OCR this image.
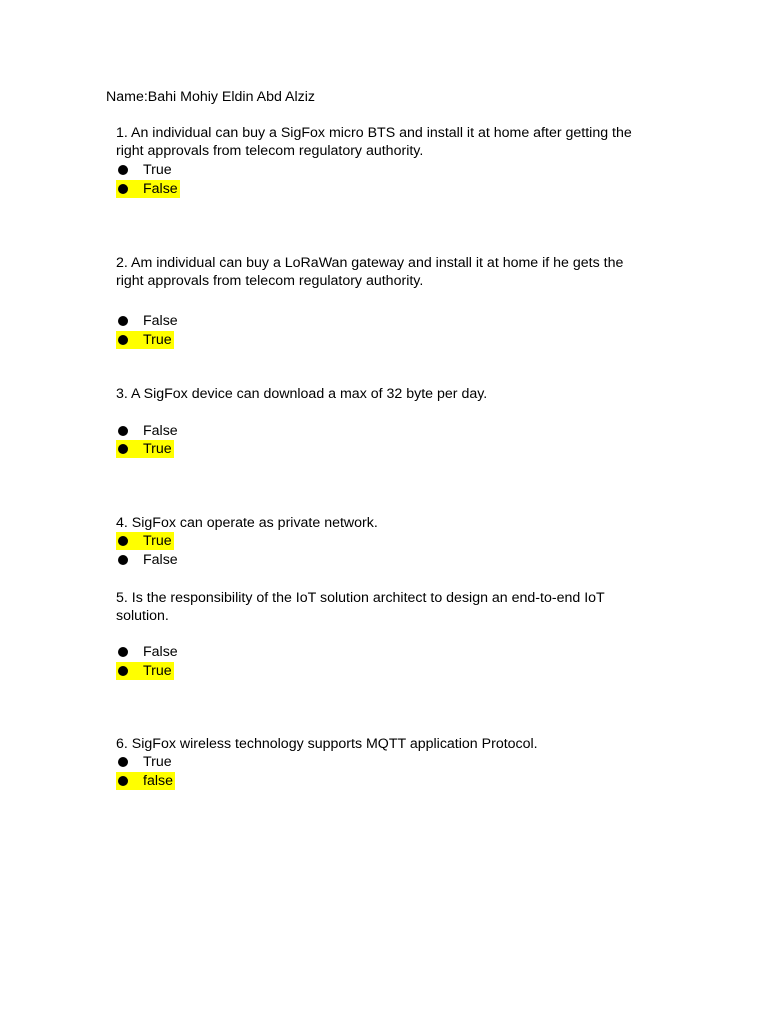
Name:Bahi Mohiy Eldin Abd Alziz
1. An individual can buy a SigFox micro BTS and install it at home after getting the
right approvals from telecom regulatory authority.
True
False
2. Am individual can buy a LoRaWan gateway and install it at home if he gets the
right approvals from telecom regulatory authority.
False
True
3. A SigFox device can download a max of 32 byte per day.
False
True
4. SigFox can operate as private network.
True
False
5. Is the responsibility of the IoT solution architect to design an end-to-end IoT
solution.
False
True
6. SigFox wireless technology supports MQTT application Protocol.
True
false
